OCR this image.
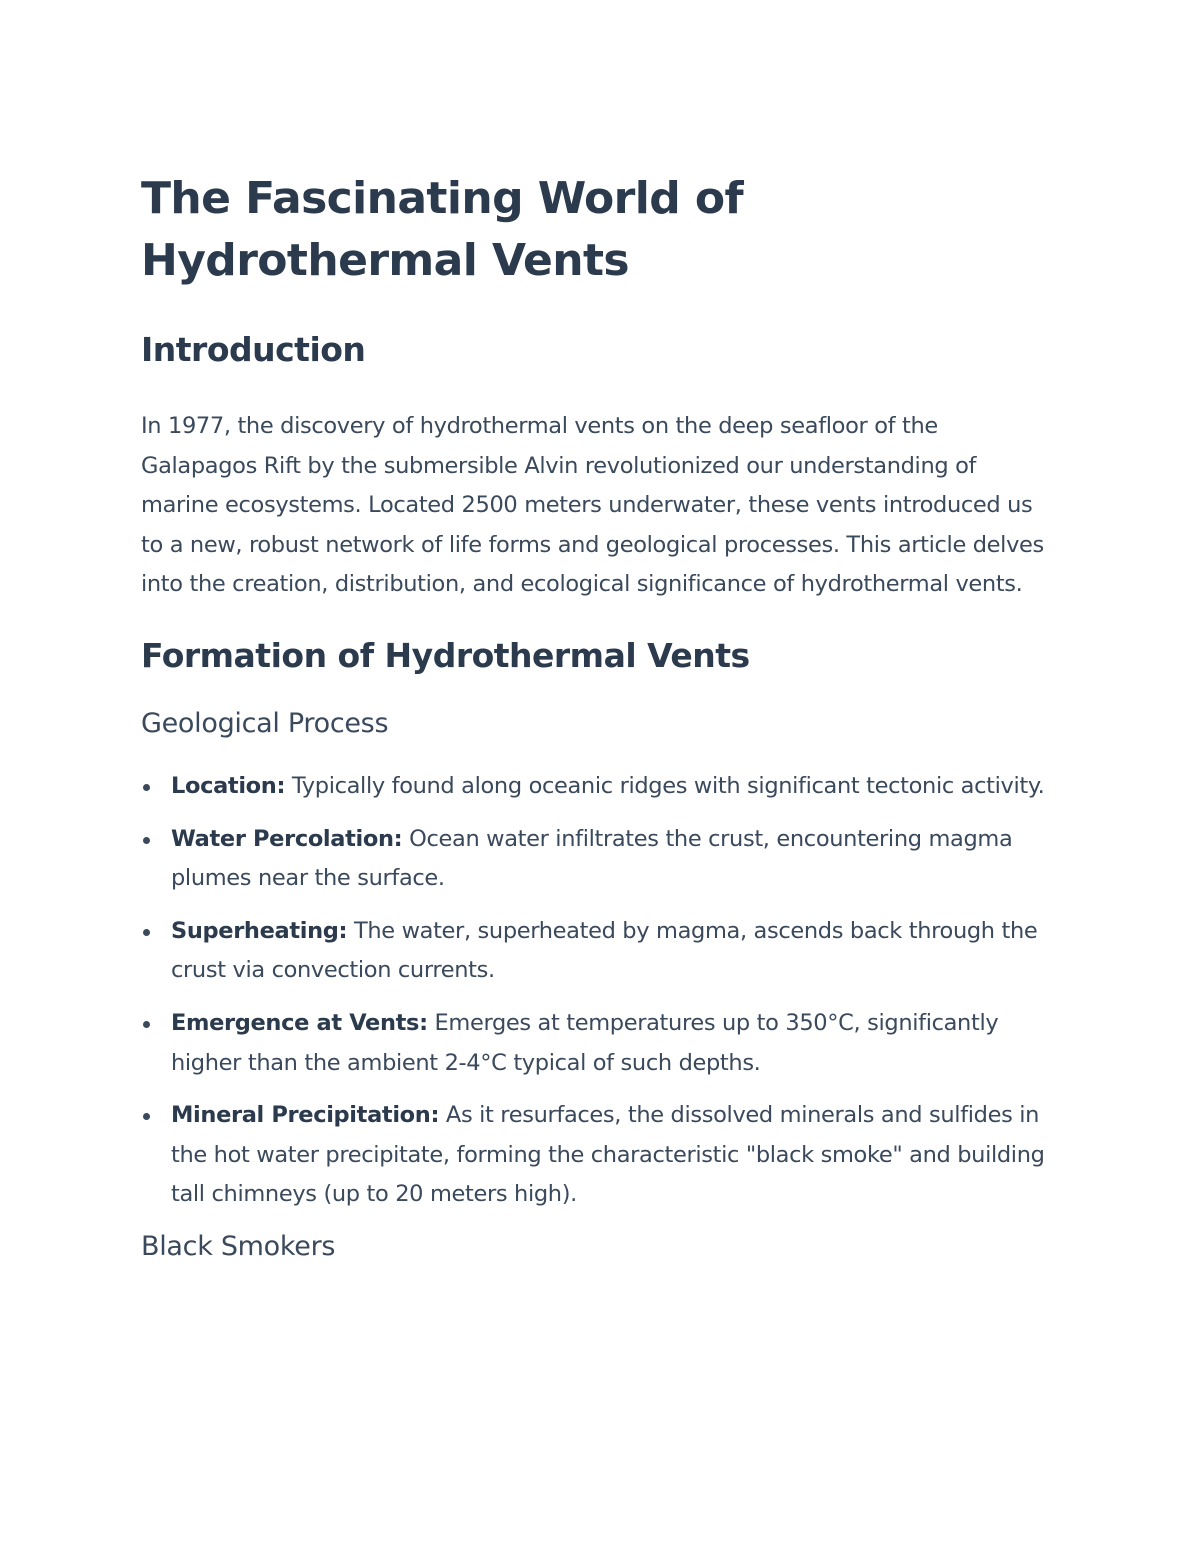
The Fascinating World of Hydrothermal Vents
Introduction

In 1977, the discovery of hydrothermal vents on the deep seafloor of the Galapagos Rift by the submersible Alvin revolutionized our understanding of marine ecosystems. Located 2500 meters underwater, these vents introduced us to a new, robust network of life forms and geological processes. This article delves into the creation, distribution, and ecological significance of hydrothermal vents.

Formation of Hydrothermal Vents
Geological Process
Location: Typically found along oceanic ridges with significant tectonic activity.
Water Percolation: Ocean water infiltrates the crust, encountering magma plumes near the surface.
Superheating: The water, superheated by magma, ascends back through the crust via convection currents.
Emergence at Vents: Emerges at temperatures up to 350°C, significantly higher than the ambient 2-4°C typical of such depths.
Mineral Precipitation: As it resurfaces, the dissolved minerals and sulfides in the hot water precipitate, forming the characteristic "black smoke" and building tall chimneys (up to 20 meters high).
Black Smokers
